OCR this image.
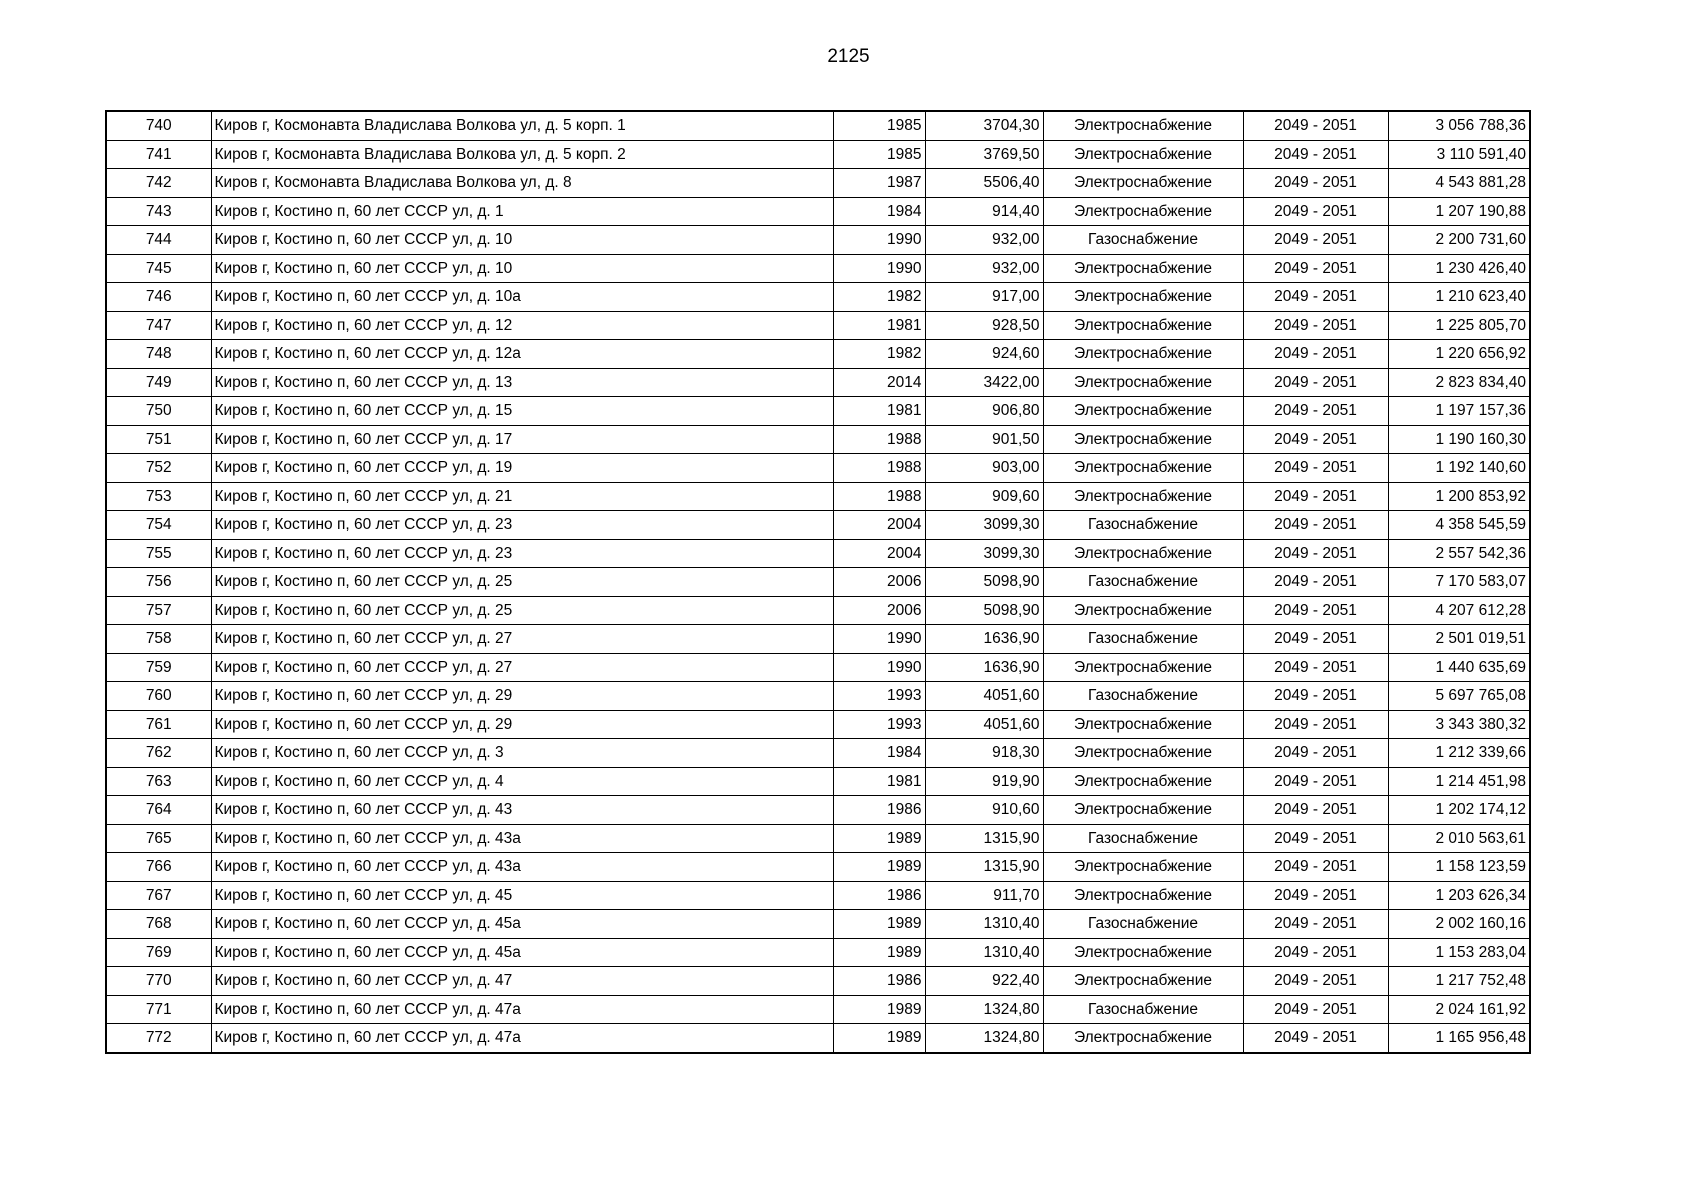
2125
740	Киров г, Космонавта Владислава Волкова ул, д. 5 корп. 1	1985	3704,30	Электроснабжение	2049 - 2051	3 056 788,36
741	Киров г, Космонавта Владислава Волкова ул, д. 5 корп. 2	1985	3769,50	Электроснабжение	2049 - 2051	3 110 591,40
742	Киров г, Космонавта Владислава Волкова ул, д. 8	1987	5506,40	Электроснабжение	2049 - 2051	4 543 881,28
743	Киров г, Костино п, 60 лет СССР ул, д. 1	1984	914,40	Электроснабжение	2049 - 2051	1 207 190,88
744	Киров г, Костино п, 60 лет СССР ул, д. 10	1990	932,00	Газоснабжение	2049 - 2051	2 200 731,60
745	Киров г, Костино п, 60 лет СССР ул, д. 10	1990	932,00	Электроснабжение	2049 - 2051	1 230 426,40
746	Киров г, Костино п, 60 лет СССР ул, д. 10а	1982	917,00	Электроснабжение	2049 - 2051	1 210 623,40
747	Киров г, Костино п, 60 лет СССР ул, д. 12	1981	928,50	Электроснабжение	2049 - 2051	1 225 805,70
748	Киров г, Костино п, 60 лет СССР ул, д. 12а	1982	924,60	Электроснабжение	2049 - 2051	1 220 656,92
749	Киров г, Костино п, 60 лет СССР ул, д. 13	2014	3422,00	Электроснабжение	2049 - 2051	2 823 834,40
750	Киров г, Костино п, 60 лет СССР ул, д. 15	1981	906,80	Электроснабжение	2049 - 2051	1 197 157,36
751	Киров г, Костино п, 60 лет СССР ул, д. 17	1988	901,50	Электроснабжение	2049 - 2051	1 190 160,30
752	Киров г, Костино п, 60 лет СССР ул, д. 19	1988	903,00	Электроснабжение	2049 - 2051	1 192 140,60
753	Киров г, Костино п, 60 лет СССР ул, д. 21	1988	909,60	Электроснабжение	2049 - 2051	1 200 853,92
754	Киров г, Костино п, 60 лет СССР ул, д. 23	2004	3099,30	Газоснабжение	2049 - 2051	4 358 545,59
755	Киров г, Костино п, 60 лет СССР ул, д. 23	2004	3099,30	Электроснабжение	2049 - 2051	2 557 542,36
756	Киров г, Костино п, 60 лет СССР ул, д. 25	2006	5098,90	Газоснабжение	2049 - 2051	7 170 583,07
757	Киров г, Костино п, 60 лет СССР ул, д. 25	2006	5098,90	Электроснабжение	2049 - 2051	4 207 612,28
758	Киров г, Костино п, 60 лет СССР ул, д. 27	1990	1636,90	Газоснабжение	2049 - 2051	2 501 019,51
759	Киров г, Костино п, 60 лет СССР ул, д. 27	1990	1636,90	Электроснабжение	2049 - 2051	1 440 635,69
760	Киров г, Костино п, 60 лет СССР ул, д. 29	1993	4051,60	Газоснабжение	2049 - 2051	5 697 765,08
761	Киров г, Костино п, 60 лет СССР ул, д. 29	1993	4051,60	Электроснабжение	2049 - 2051	3 343 380,32
762	Киров г, Костино п, 60 лет СССР ул, д. 3	1984	918,30	Электроснабжение	2049 - 2051	1 212 339,66
763	Киров г, Костино п, 60 лет СССР ул, д. 4	1981	919,90	Электроснабжение	2049 - 2051	1 214 451,98
764	Киров г, Костино п, 60 лет СССР ул, д. 43	1986	910,60	Электроснабжение	2049 - 2051	1 202 174,12
765	Киров г, Костино п, 60 лет СССР ул, д. 43а	1989	1315,90	Газоснабжение	2049 - 2051	2 010 563,61
766	Киров г, Костино п, 60 лет СССР ул, д. 43а	1989	1315,90	Электроснабжение	2049 - 2051	1 158 123,59
767	Киров г, Костино п, 60 лет СССР ул, д. 45	1986	911,70	Электроснабжение	2049 - 2051	1 203 626,34
768	Киров г, Костино п, 60 лет СССР ул, д. 45а	1989	1310,40	Газоснабжение	2049 - 2051	2 002 160,16
769	Киров г, Костино п, 60 лет СССР ул, д. 45а	1989	1310,40	Электроснабжение	2049 - 2051	1 153 283,04
770	Киров г, Костино п, 60 лет СССР ул, д. 47	1986	922,40	Электроснабжение	2049 - 2051	1 217 752,48
771	Киров г, Костино п, 60 лет СССР ул, д. 47а	1989	1324,80	Газоснабжение	2049 - 2051	2 024 161,92
772	Киров г, Костино п, 60 лет СССР ул, д. 47а	1989	1324,80	Электроснабжение	2049 - 2051	1 165 956,48
